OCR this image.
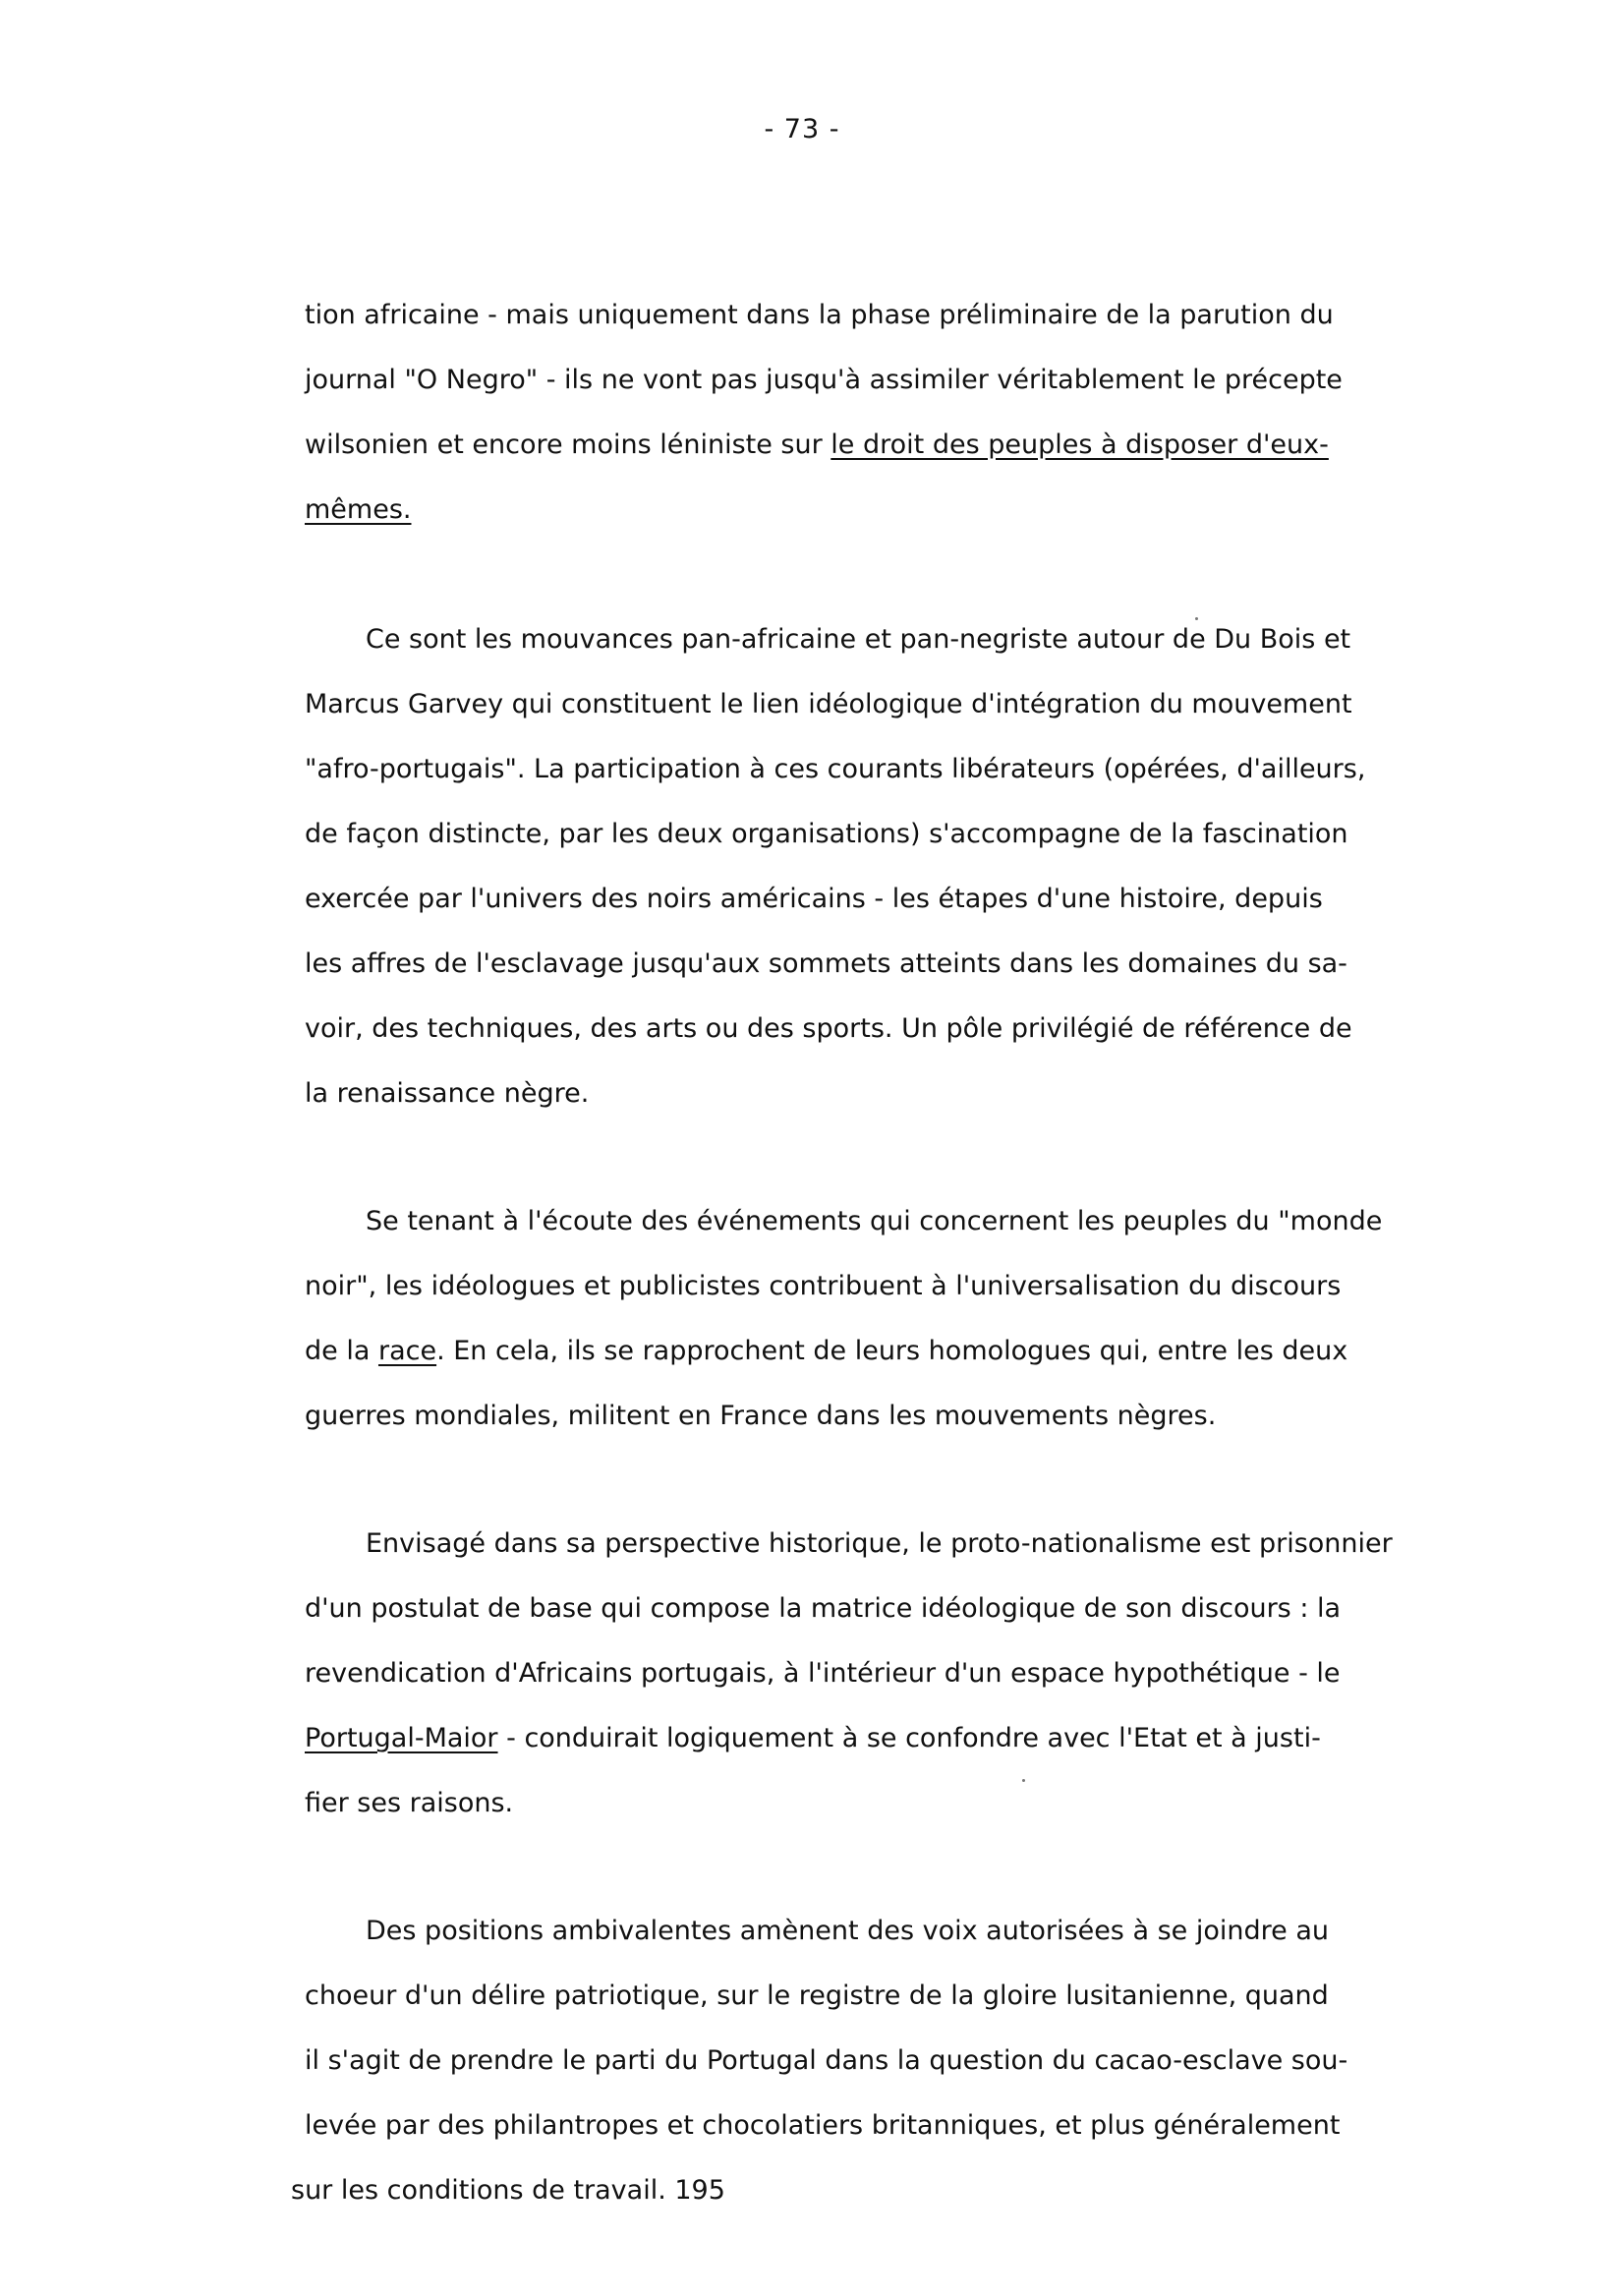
- 73 -
tion africaine - mais uniquement dans la phase préliminaire de la parution du
journal "O Negro" - ils ne vont pas jusqu'à assimiler véritablement le précepte
wilsonien et encore moins léniniste sur le droit des peuples à disposer d'eux-
mêmes.
Ce sont les mouvances pan-africaine et pan-negriste autour de Du Bois et
Marcus Garvey qui constituent le lien idéologique d'intégration du mouvement
"afro-portugais". La participation à ces courants libérateurs (opérées, d'ailleurs,
de façon distincte, par les deux organisations) s'accompagne de la fascination
exercée par l'univers des noirs américains - les étapes d'une histoire, depuis
les affres de l'esclavage jusqu'aux sommets atteints dans les domaines du sa-
voir, des techniques, des arts ou des sports. Un pôle privilégié de référence de
la renaissance nègre.
Se tenant à l'écoute des événements qui concernent les peuples du "monde
noir", les idéologues et publicistes contribuent à l'universalisation du discours
de la race. En cela, ils se rapprochent de leurs homologues qui, entre les deux
guerres mondiales, militent en France dans les mouvements nègres.
Envisagé dans sa perspective historique, le proto-nationalisme est prisonnier
d'un postulat de base qui compose la matrice idéologique de son discours : la
revendication d'Africains portugais, à l'intérieur d'un espace hypothétique - le
Portugal-Maior - conduirait logiquement à se confondre avec l'Etat et à justi-
fier ses raisons.
Des positions ambivalentes amènent des voix autorisées à se joindre au
choeur d'un délire patriotique, sur le registre de la gloire lusitanienne, quand
il s'agit de prendre le parti du Portugal dans la question du cacao-esclave sou-
levée par des philantropes et chocolatiers britanniques, et plus généralement
sur les conditions de travail. 195
